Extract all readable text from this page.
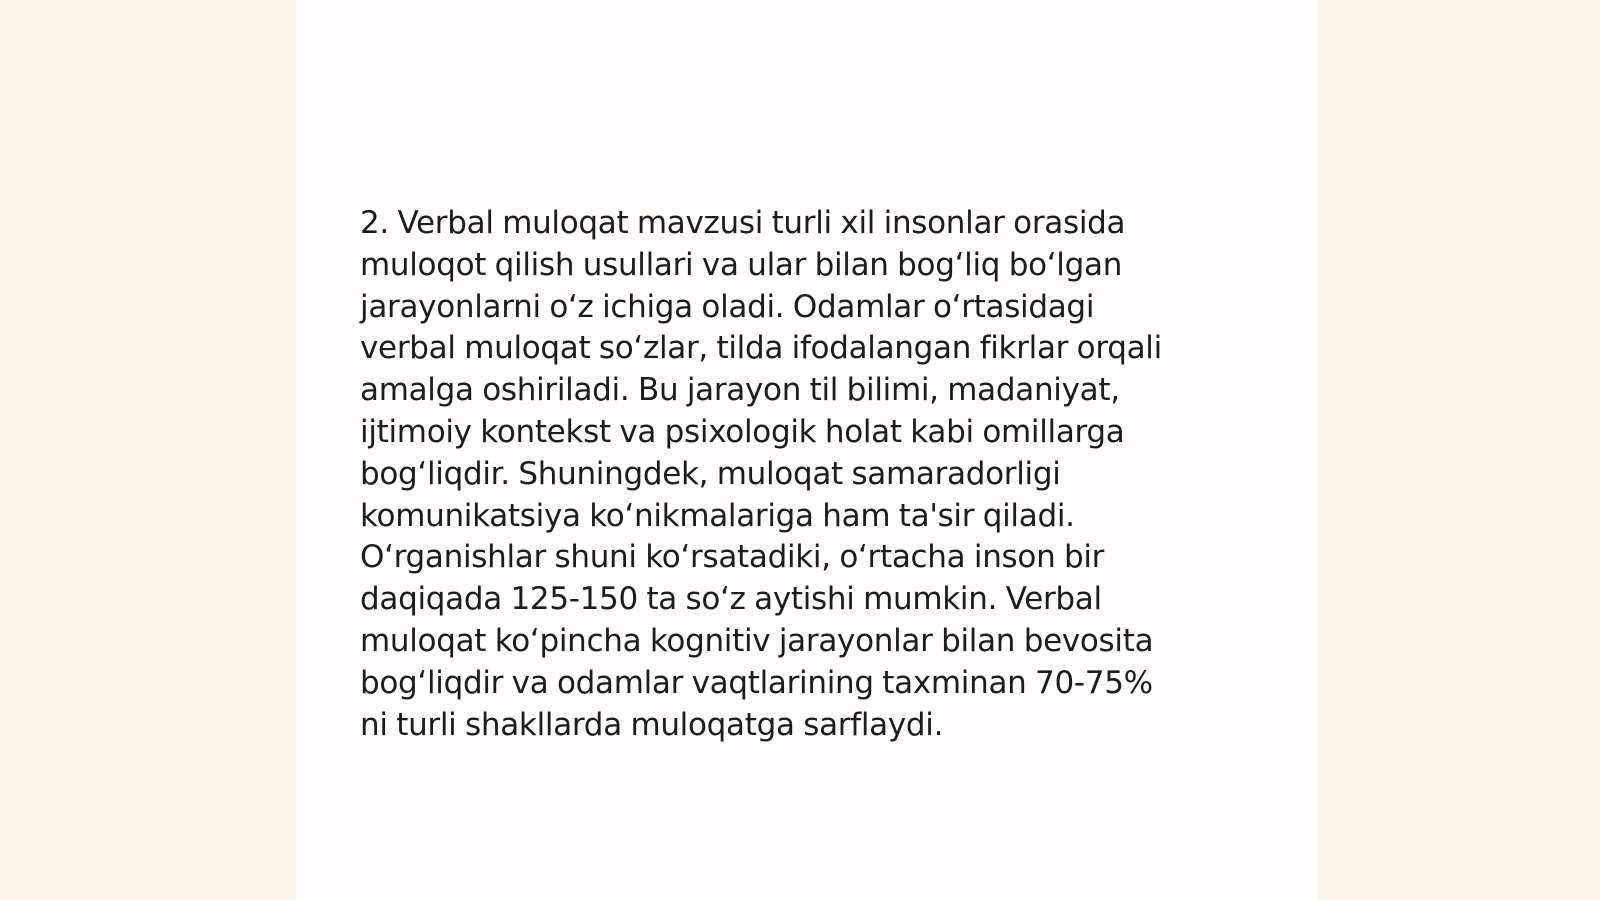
2. Verbal muloqat mavzusi turli xil insonlar orasida
muloqot qilish usullari va ular bilan bog‘liq bo‘lgan
jarayonlarni o‘z ichiga oladi. Odamlar o‘rtasidagi
verbal muloqat so‘zlar, tilda ifodalangan fikrlar orqali
amalga oshiriladi. Bu jarayon til bilimi, madaniyat,
ijtimoiy kontekst va psixologik holat kabi omillarga
bog‘liqdir. Shuningdek, muloqat samaradorligi
komunikatsiya ko‘nikmalariga ham ta'sir qiladi.
O‘rganishlar shuni ko‘rsatadiki, o‘rtacha inson bir
daqiqada 125-150 ta so‘z aytishi mumkin. Verbal
muloqat ko‘pincha kognitiv jarayonlar bilan bevosita
bog‘liqdir va odamlar vaqtlarining taxminan 70-75%
ni turli shakllarda muloqatga sarflaydi.
